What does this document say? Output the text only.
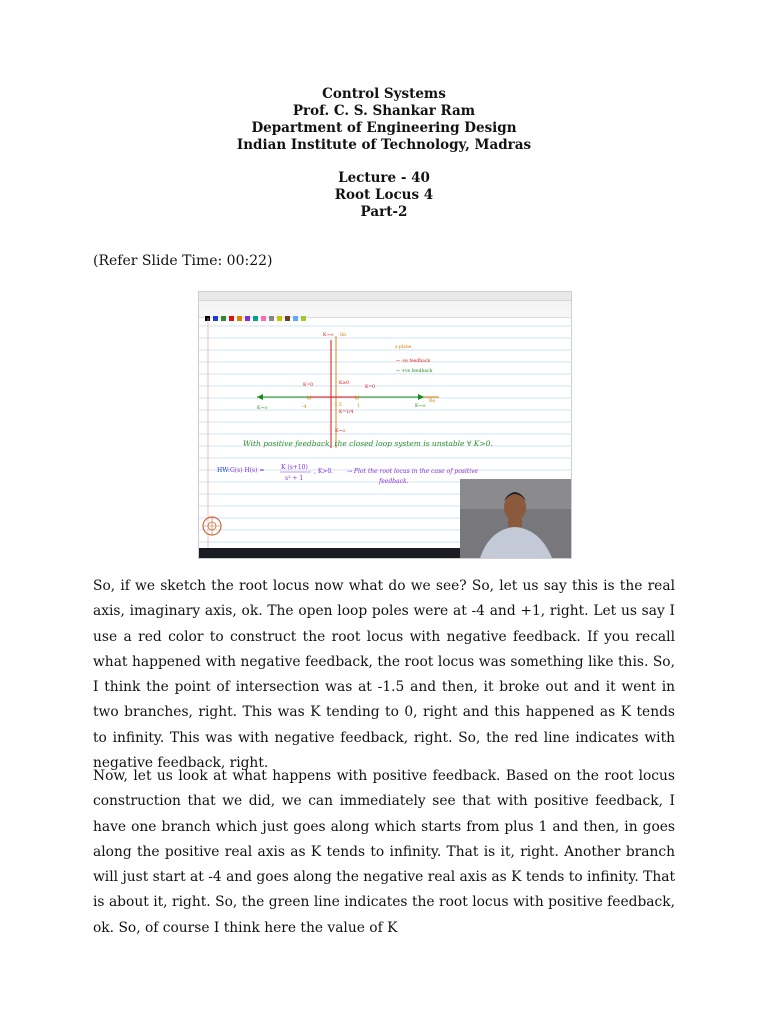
Control Systems
Prof. C. S. Shankar Ram
Department of Engineering Design
Indian Institute of Technology, Madras
Lecture - 40
Root Locus 4
Part-2
(Refer Slide Time: 00:22)
×	×
K→∞ Im
s-plane
→ -ve feedback
→ +ve feedback
K=0	K=0
K≥0
-4	-1.5
K=1/4
1
K→∞	K→∞
Re
K→∞
With positive feedback, the closed loop system is unstable ∀ K>0.
HW: G(s) H(s) =	K (s+10)
s² + 1
, K>0. → Plot the root locus in the case of positive
feedback.

So, if we sketch the root locus now what do we see? So, let us say this is the real axis, imaginary axis, ok. The open loop poles were at -4 and +1, right. Let us say I use a red color to construct the root locus with negative feedback. If you recall what happened with negative feedback, the root locus was something like this. So, I think the point of intersection was at -1.5 and then, it broke out and it went in two branches, right. This was K tending to 0, right and this happened as K tends to infinity. This was with negative feedback, right. So, the red line indicates with negative feedback, right.

Now, let us look at what happens with positive feedback. Based on the root locus construction that we did, we can immediately see that with positive feedback, I have one branch which just goes along which starts from plus 1 and then, in goes along the positive real axis as K tends to infinity. That is it, right. Another branch will just start at -4 and goes along the negative real axis as K tends to infinity. That is about it, right. So, the green line indicates the root locus with positive feedback, ok. So, of course I think here the value of K
